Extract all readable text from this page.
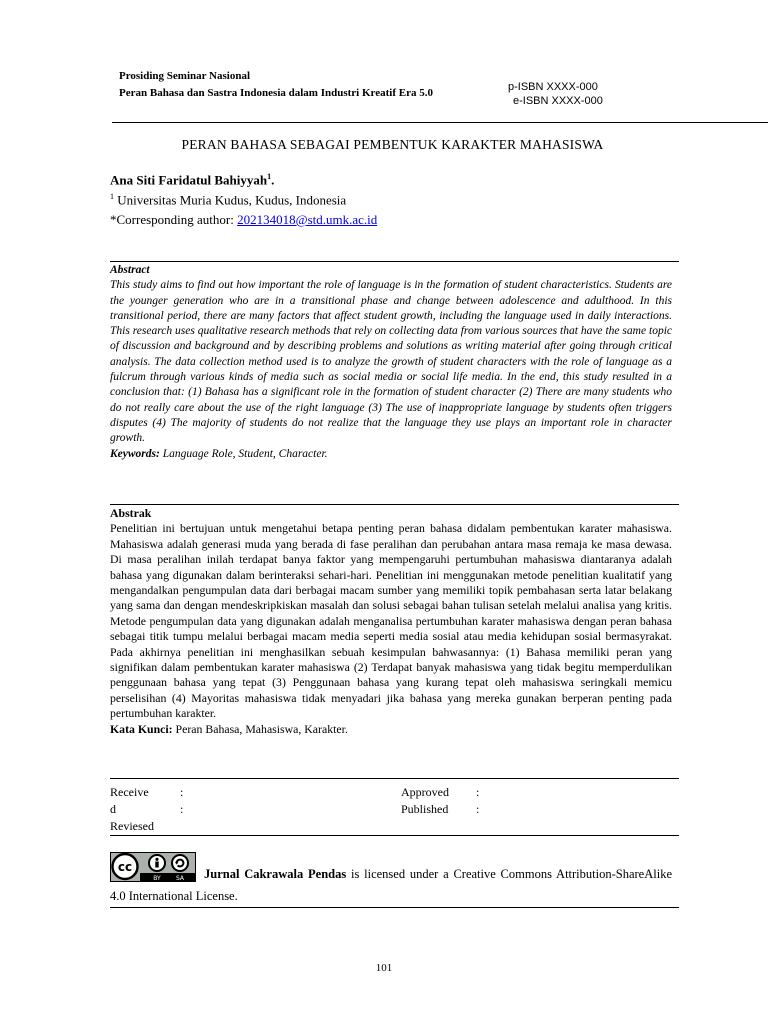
Prosiding Seminar Nasional
Peran Bahasa dan Sastra Indonesia dalam Industri Kreatif Era 5.0	p-ISBN XXXX-000
e-ISBN XXXX-000
PERAN BAHASA SEBAGAI PEMBENTUK KARAKTER MAHASISWA
Ana Siti Faridatul Bahiyyah$^1$.
$^1$ Universitas Muria Kudus, Kudus, Indonesia
*Corresponding author: 202134018@std.umk.ac.id
Abstract
This study aims to find out how important the role of language is in the formation of student characteristics. Students are the younger generation who are in a transitional phase and change between adolescence and adulthood. In this transitional period, there are many factors that affect student growth, including the language used in daily interactions. This research uses qualitative research methods that rely on collecting data from various sources that have the same topic of discussion and background and by describing problems and solutions as writing material after going through critical analysis. The data collection method used is to analyze the growth of student characters with the role of language as a fulcrum through various kinds of media such as social media or social life media. In the end, this study resulted in a conclusion that: (1) Bahasa has a significant role in the formation of student character (2) There are many students who do not really care about the use of the right language (3) The use of inappropriate language by students often triggers disputes (4) The majority of students do not realize that the language they use plays an important role in character growth.
Keywords: Language Role, Student, Character.
Abstrak
Penelitian ini bertujuan untuk mengetahui betapa penting peran bahasa didalam pembentukan karater mahasiswa. Mahasiswa adalah generasi muda yang berada di fase peralihan dan perubahan antara masa remaja ke masa dewasa. Di masa peralihan inilah terdapat banya faktor yang mempengaruhi pertumbuhan mahasiswa diantaranya adalah bahasa yang digunakan dalam berinteraksi sehari-hari. Penelitian ini menggunakan metode penelitian kualitatif yang mengandalkan pengumpulan data dari berbagai macam sumber yang memiliki topik pembahasan serta latar belakang yang sama dan dengan mendeskripkiskan masalah dan solusi sebagai bahan tulisan setelah melalui analisa yang kritis. Metode pengumpulan data yang digunakan adalah menganalisa pertumbuhan karater mahasiswa dengan peran bahasa sebagai titik tumpu melalui berbagai macam media seperti media sosial atau media kehidupan sosial bermasyrakat. Pada akhirnya penelitian ini menghasilkan sebuah kesimpulan bahwasannya: (1) Bahasa memiliki peran yang signifikan dalam pembentukan karater mahasiswa (2) Terdapat banyak mahasiswa yang tidak begitu memperdulikan penggunaan bahasa yang tepat (3) Penggunaan bahasa yang kurang tepat oleh mahasiswa seringkali memicu perselisihan (4) Mayoritas mahasiswa tidak menyadari jika bahasa yang mereka gunakan berperan penting pada pertumbuhan karakter.
Kata Kunci: Peran Bahasa, Mahasiswa, Karakter.
Receive
d
Reviesed
:
:
Approved
Published
:
:
cc
BY	SA Jurnal Cakrawala Pendas is licensed under a Creative Commons Attribution-ShareAlike 4.0 International License.
101
